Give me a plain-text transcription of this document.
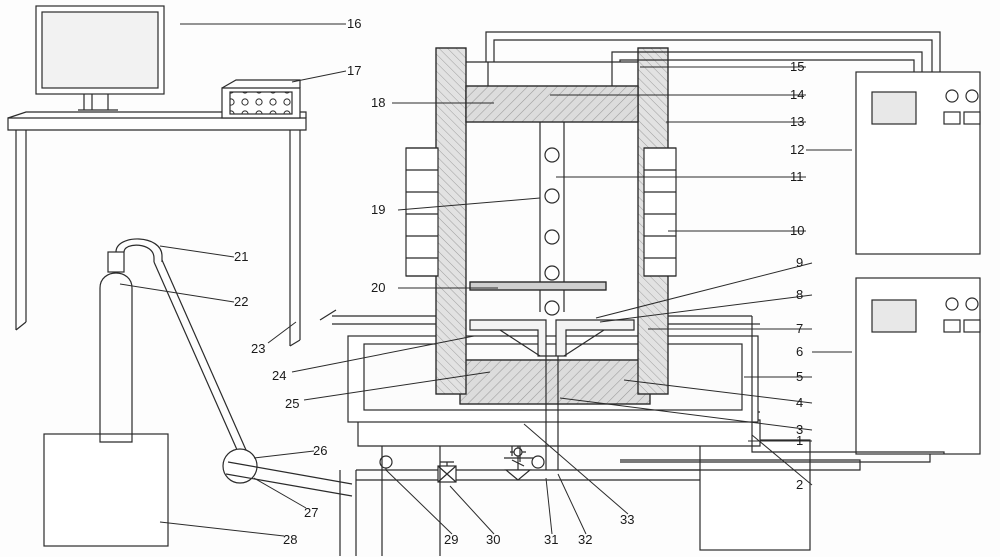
16
17
18
19
20
21
22
23
24
25
26
27
28	29 30	31 32
33
15
14
13
12
11
10
9
8
7
6
5
4
3
2
1
